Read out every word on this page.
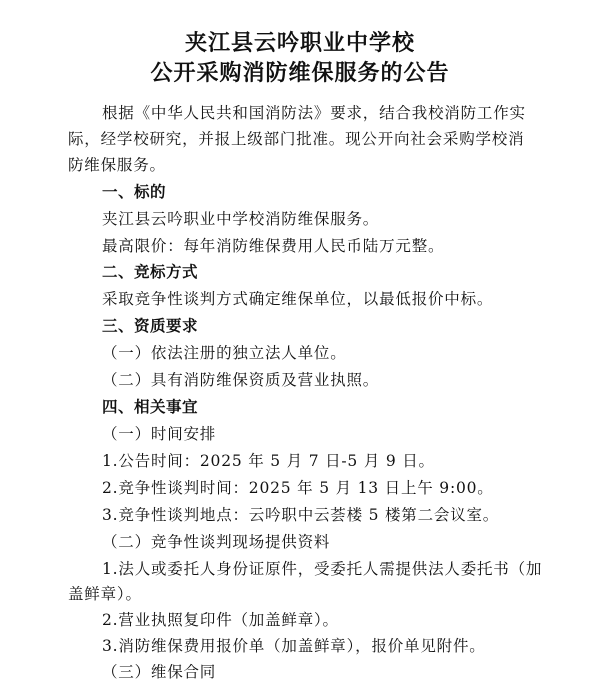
夹江县云吟职业中学校
公开采购消防维保服务的公告
根据《中华人民共和国消防法》要求，结合我校消防工作实
际，经学校研究，并报上级部门批准。现公开向社会采购学校消
防维保服务。
一、标的
夹江县云吟职业中学校消防维保服务。
最高限价：每年消防维保费用人民币陆万元整。
二、竞标方式
采取竞争性谈判方式确定维保单位，以最低报价中标。
三、资质要求
（一）依法注册的独立法人单位。
（二）具有消防维保资质及营业执照。
四、相关事宜
（一）时间安排
1.公告时间：2025 年 5 月 7 日-5 月 9 日。
2.竞争性谈判时间：2025 年 5 月 13 日上午 9:00。
3.竞争性谈判地点：云吟职中云荟楼 5 楼第二会议室。
（二）竞争性谈判现场提供资料
1.法人或委托人身份证原件，受委托人需提供法人委托书（加
盖鲜章）。
2.营业执照复印件（加盖鲜章）。
3.消防维保费用报价单（加盖鲜章），报价单见附件。
（三）维保合同
